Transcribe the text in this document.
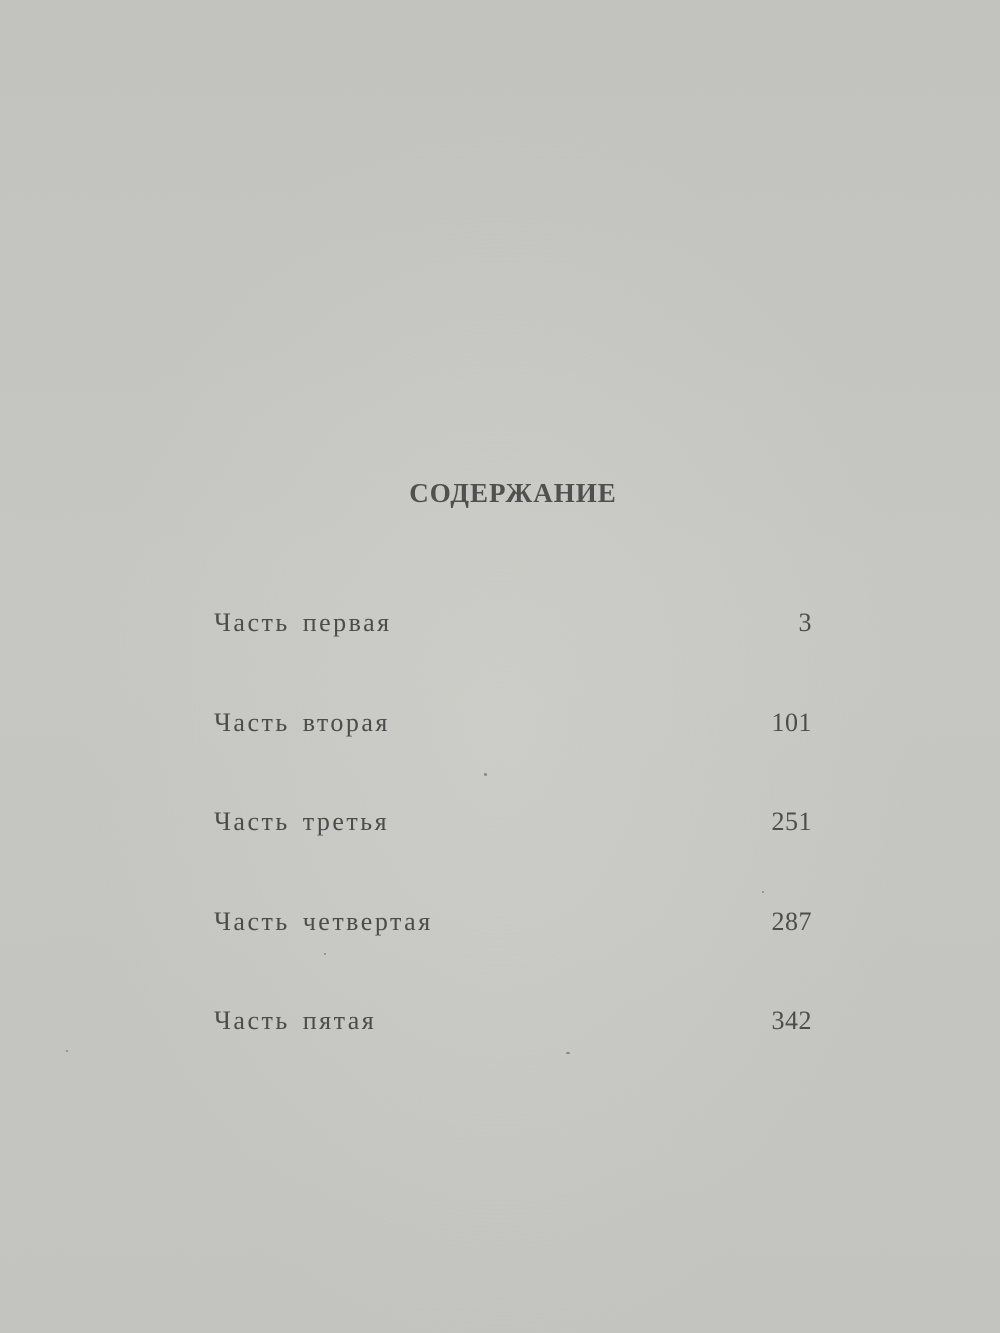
СОДЕРЖАНИЕ
Часть первая	3
Часть вторая	101
Часть третья	251
Часть четвертая	287
Часть пятая	342
